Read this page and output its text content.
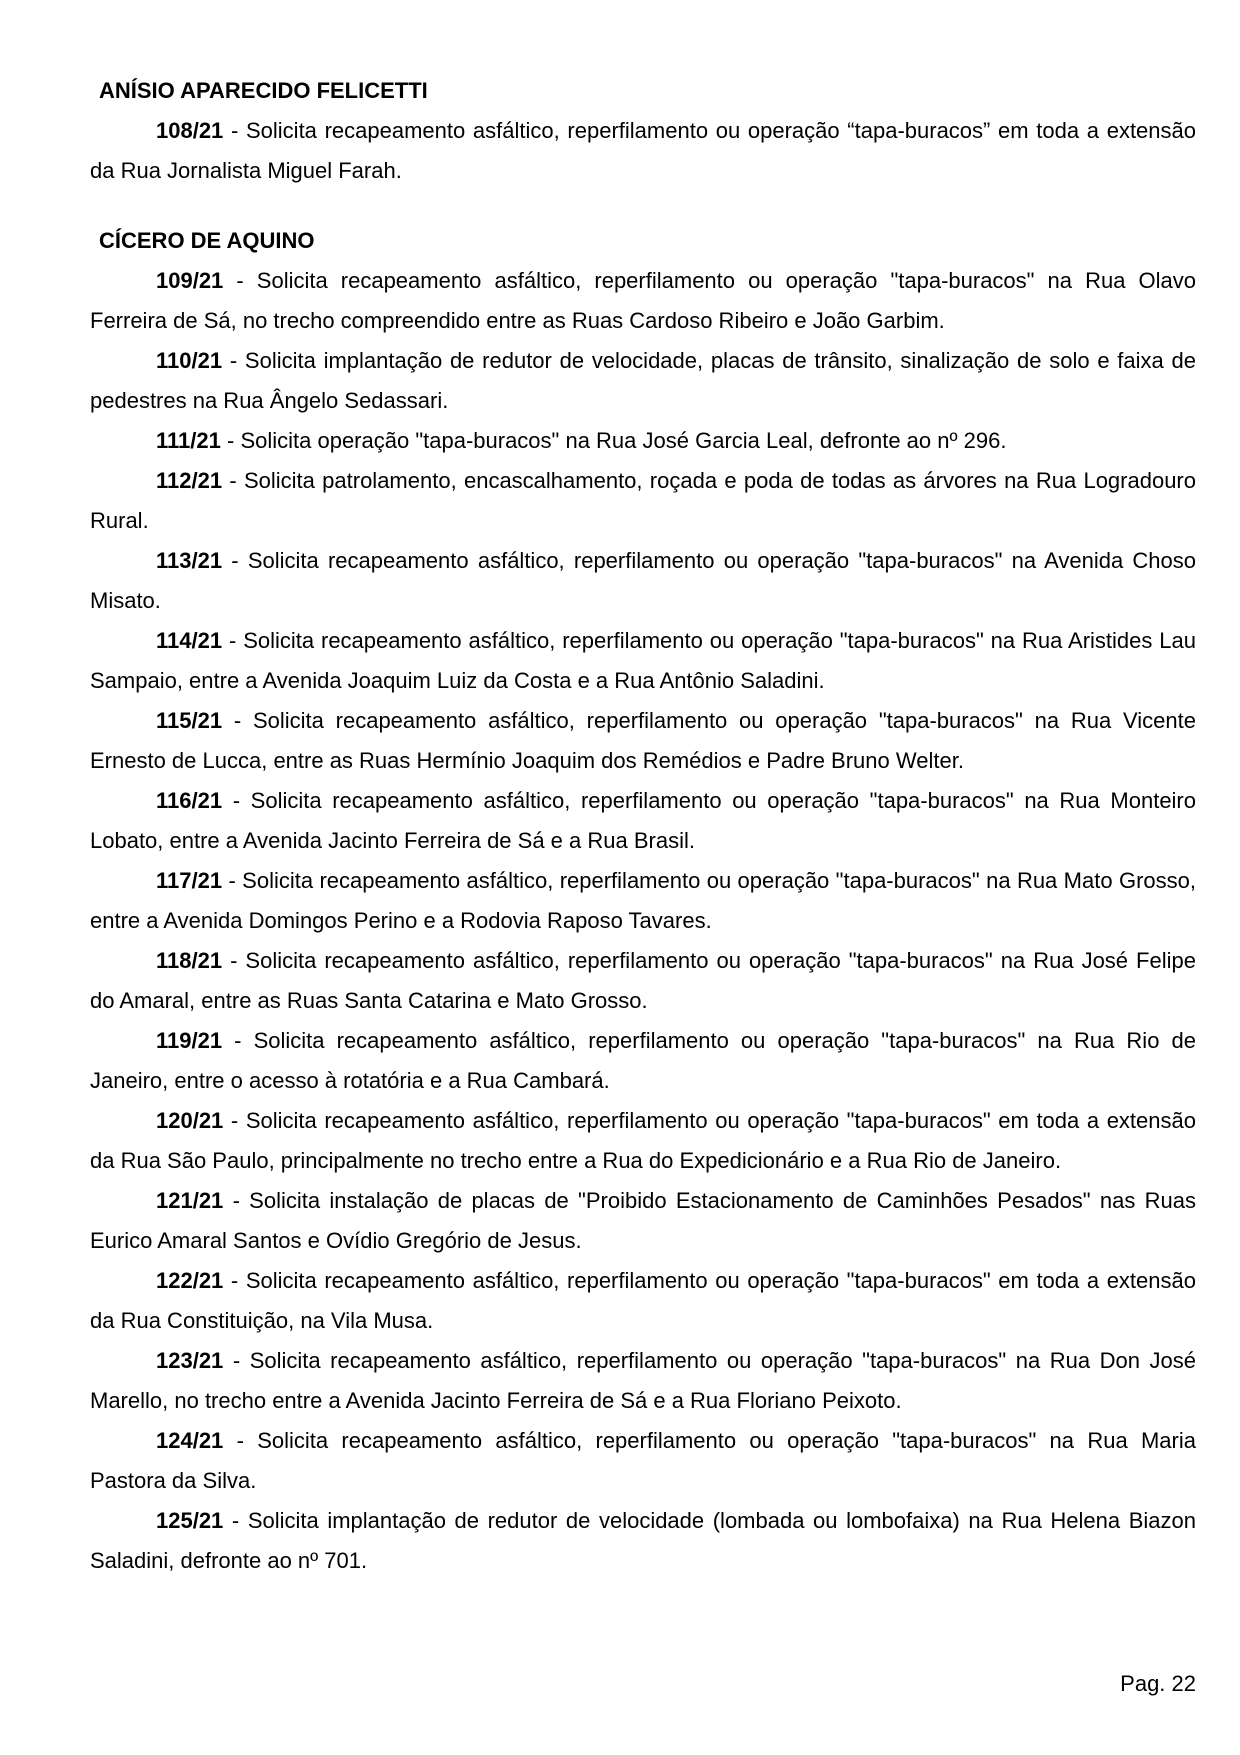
ANÍSIO APARECIDO FELICETTI

108/21 - Solicita recapeamento asfáltico, reperfilamento ou operação “tapa-buracos” em toda a extensão da Rua Jornalista Miguel Farah.

CÍCERO DE AQUINO

109/21 - Solicita recapeamento asfáltico, reperfilamento ou operação "tapa-buracos" na Rua Olavo Ferreira de Sá, no trecho compreendido entre as Ruas Cardoso Ribeiro e João Garbim.

110/21 - Solicita implantação de redutor de velocidade, placas de trânsito, sinalização de solo e faixa de pedestres na Rua Ângelo Sedassari.

111/21 - Solicita operação "tapa-buracos" na Rua José Garcia Leal, defronte ao nº 296.

112/21 - Solicita patrolamento, encascalhamento, roçada e poda de todas as árvores na Rua Logradouro Rural.

113/21 - Solicita recapeamento asfáltico, reperfilamento ou operação "tapa-buracos" na Avenida Choso Misato.

114/21 - Solicita recapeamento asfáltico, reperfilamento ou operação "tapa-buracos" na Rua Aristides Lau Sampaio, entre a Avenida Joaquim Luiz da Costa e a Rua Antônio Saladini.

115/21 - Solicita recapeamento asfáltico, reperfilamento ou operação "tapa-buracos" na Rua Vicente Ernesto de Lucca, entre as Ruas Hermínio Joaquim dos Remédios e Padre Bruno Welter.

116/21 - Solicita recapeamento asfáltico, reperfilamento ou operação "tapa-buracos" na Rua Monteiro Lobato, entre a Avenida Jacinto Ferreira de Sá e a Rua Brasil.

117/21 - Solicita recapeamento asfáltico, reperfilamento ou operação "tapa-buracos" na Rua Mato Grosso, entre a Avenida Domingos Perino e a Rodovia Raposo Tavares.

118/21 - Solicita recapeamento asfáltico, reperfilamento ou operação "tapa-buracos" na Rua José Felipe do Amaral, entre as Ruas Santa Catarina e Mato Grosso.

119/21 - Solicita recapeamento asfáltico, reperfilamento ou operação "tapa-buracos" na Rua Rio de Janeiro, entre o acesso à rotatória e a Rua Cambará.

120/21 - Solicita recapeamento asfáltico, reperfilamento ou operação "tapa-buracos" em toda a extensão da Rua São Paulo, principalmente no trecho entre a Rua do Expedicionário e a Rua Rio de Janeiro.

121/21 - Solicita instalação de placas de "Proibido Estacionamento de Caminhões Pesados" nas Ruas Eurico Amaral Santos e Ovídio Gregório de Jesus.

122/21 - Solicita recapeamento asfáltico, reperfilamento ou operação "tapa-buracos" em toda a extensão da Rua Constituição, na Vila Musa.

123/21 - Solicita recapeamento asfáltico, reperfilamento ou operação "tapa-buracos" na Rua Don José Marello, no trecho entre a Avenida Jacinto Ferreira de Sá e a Rua Floriano Peixoto.

124/21 - Solicita recapeamento asfáltico, reperfilamento ou operação "tapa-buracos" na Rua Maria Pastora da Silva.

125/21 - Solicita implantação de redutor de velocidade (lombada ou lombofaixa) na Rua Helena Biazon Saladini, defronte ao nº 701.

Pag. 22
